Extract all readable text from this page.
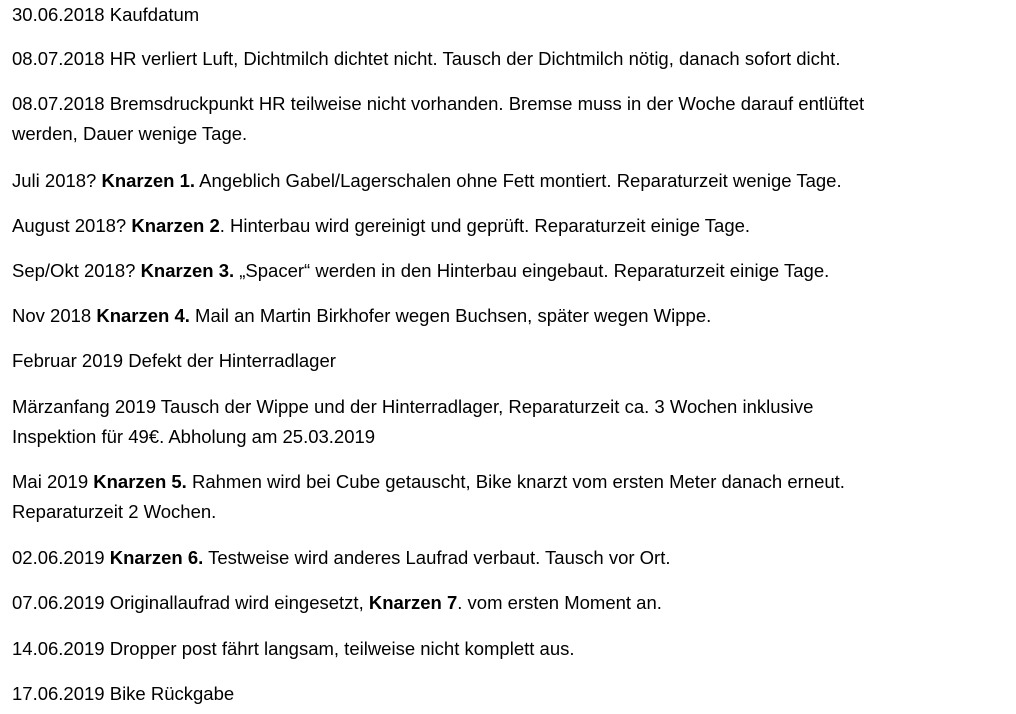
30.06.2018 Kaufdatum

08.07.2018 HR verliert Luft, Dichtmilch dichtet nicht. Tausch der Dichtmilch nötig, danach sofort dicht.

08.07.2018 Bremsdruckpunkt HR teilweise nicht vorhanden. Bremse muss in der Woche darauf entlüftet
werden, Dauer wenige Tage.

Juli 2018? Knarzen 1. Angeblich Gabel/Lagerschalen ohne Fett montiert. Reparaturzeit wenige Tage.

August 2018? Knarzen 2. Hinterbau wird gereinigt und geprüft. Reparaturzeit einige Tage.

Sep/Okt 2018? Knarzen 3. „Spacer“ werden in den Hinterbau eingebaut. Reparaturzeit einige Tage.

Nov 2018 Knarzen 4. Mail an Martin Birkhofer wegen Buchsen, später wegen Wippe.

Februar 2019 Defekt der Hinterradlager

Märzanfang 2019 Tausch der Wippe und der Hinterradlager, Reparaturzeit ca. 3 Wochen inklusive
Inspektion für 49€. Abholung am 25.03.2019

Mai 2019 Knarzen 5. Rahmen wird bei Cube getauscht, Bike knarzt vom ersten Meter danach erneut.
Reparaturzeit 2 Wochen.

02.06.2019 Knarzen 6. Testweise wird anderes Laufrad verbaut. Tausch vor Ort.

07.06.2019 Originallaufrad wird eingesetzt, Knarzen 7. vom ersten Moment an.

14.06.2019 Dropper post fährt langsam, teilweise nicht komplett aus.

17.06.2019 Bike Rückgabe
